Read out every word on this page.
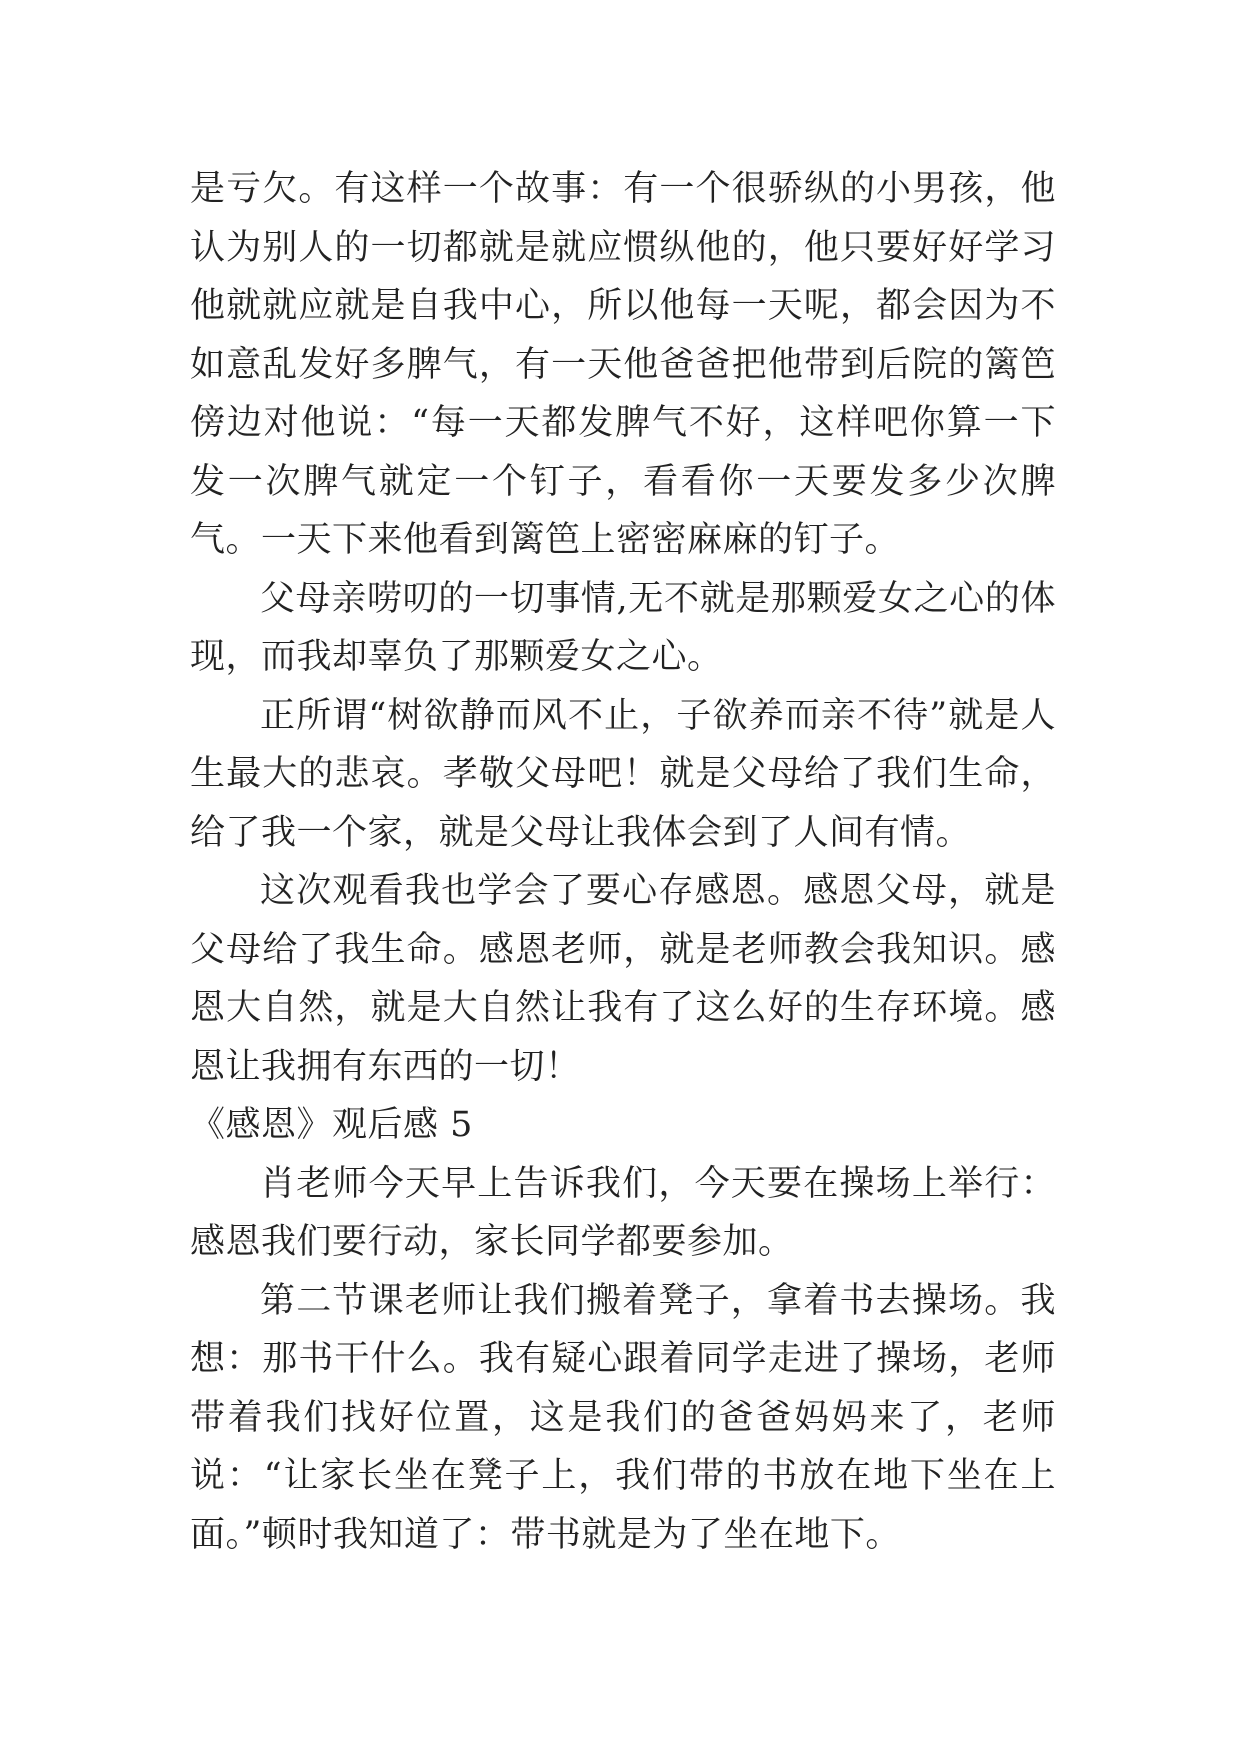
是亏欠。有这样一个故事：有一个很骄纵的小男孩，他认为别人的一切都就是就应惯纵他的，他只要好好学习他就就应就是自我中心，所以他每一天呢，都会因为不如意乱发好多脾气，有一天他爸爸把他带到后院的篱笆傍边对他说：“每一天都发脾气不好，这样吧你算一下发一次脾气就定一个钉子，看看你一天要发多少次脾气。一天下来他看到篱笆上密密麻麻的钉子。

父母亲唠叨的一切事情,无不就是那颗爱女之心的体现，而我却辜负了那颗爱女之心。

正所谓“树欲静而风不止，子欲养而亲不待”就是人生最大的悲哀。孝敬父母吧！就是父母给了我们生命，给了我一个家，就是父母让我体会到了人间有情。

这次观看我也学会了要心存感恩。感恩父母，就是父母给了我生命。感恩老师，就是老师教会我知识。感恩大自然，就是大自然让我有了这么好的生存环境。感恩让我拥有东西的一切！

《感恩》观后感 5

肖老师今天早上告诉我们，今天要在操场上举行：感恩我们要行动，家长同学都要参加。

第二节课老师让我们搬着凳子，拿着书去操场。我想：那书干什么。我有疑心跟着同学走进了操场，老师带着我们找好位置，这是我们的爸爸妈妈来了，老师说：“让家长坐在凳子上，我们带的书放在地下坐在上面。”顿时我知道了：带书就是为了坐在地下。
